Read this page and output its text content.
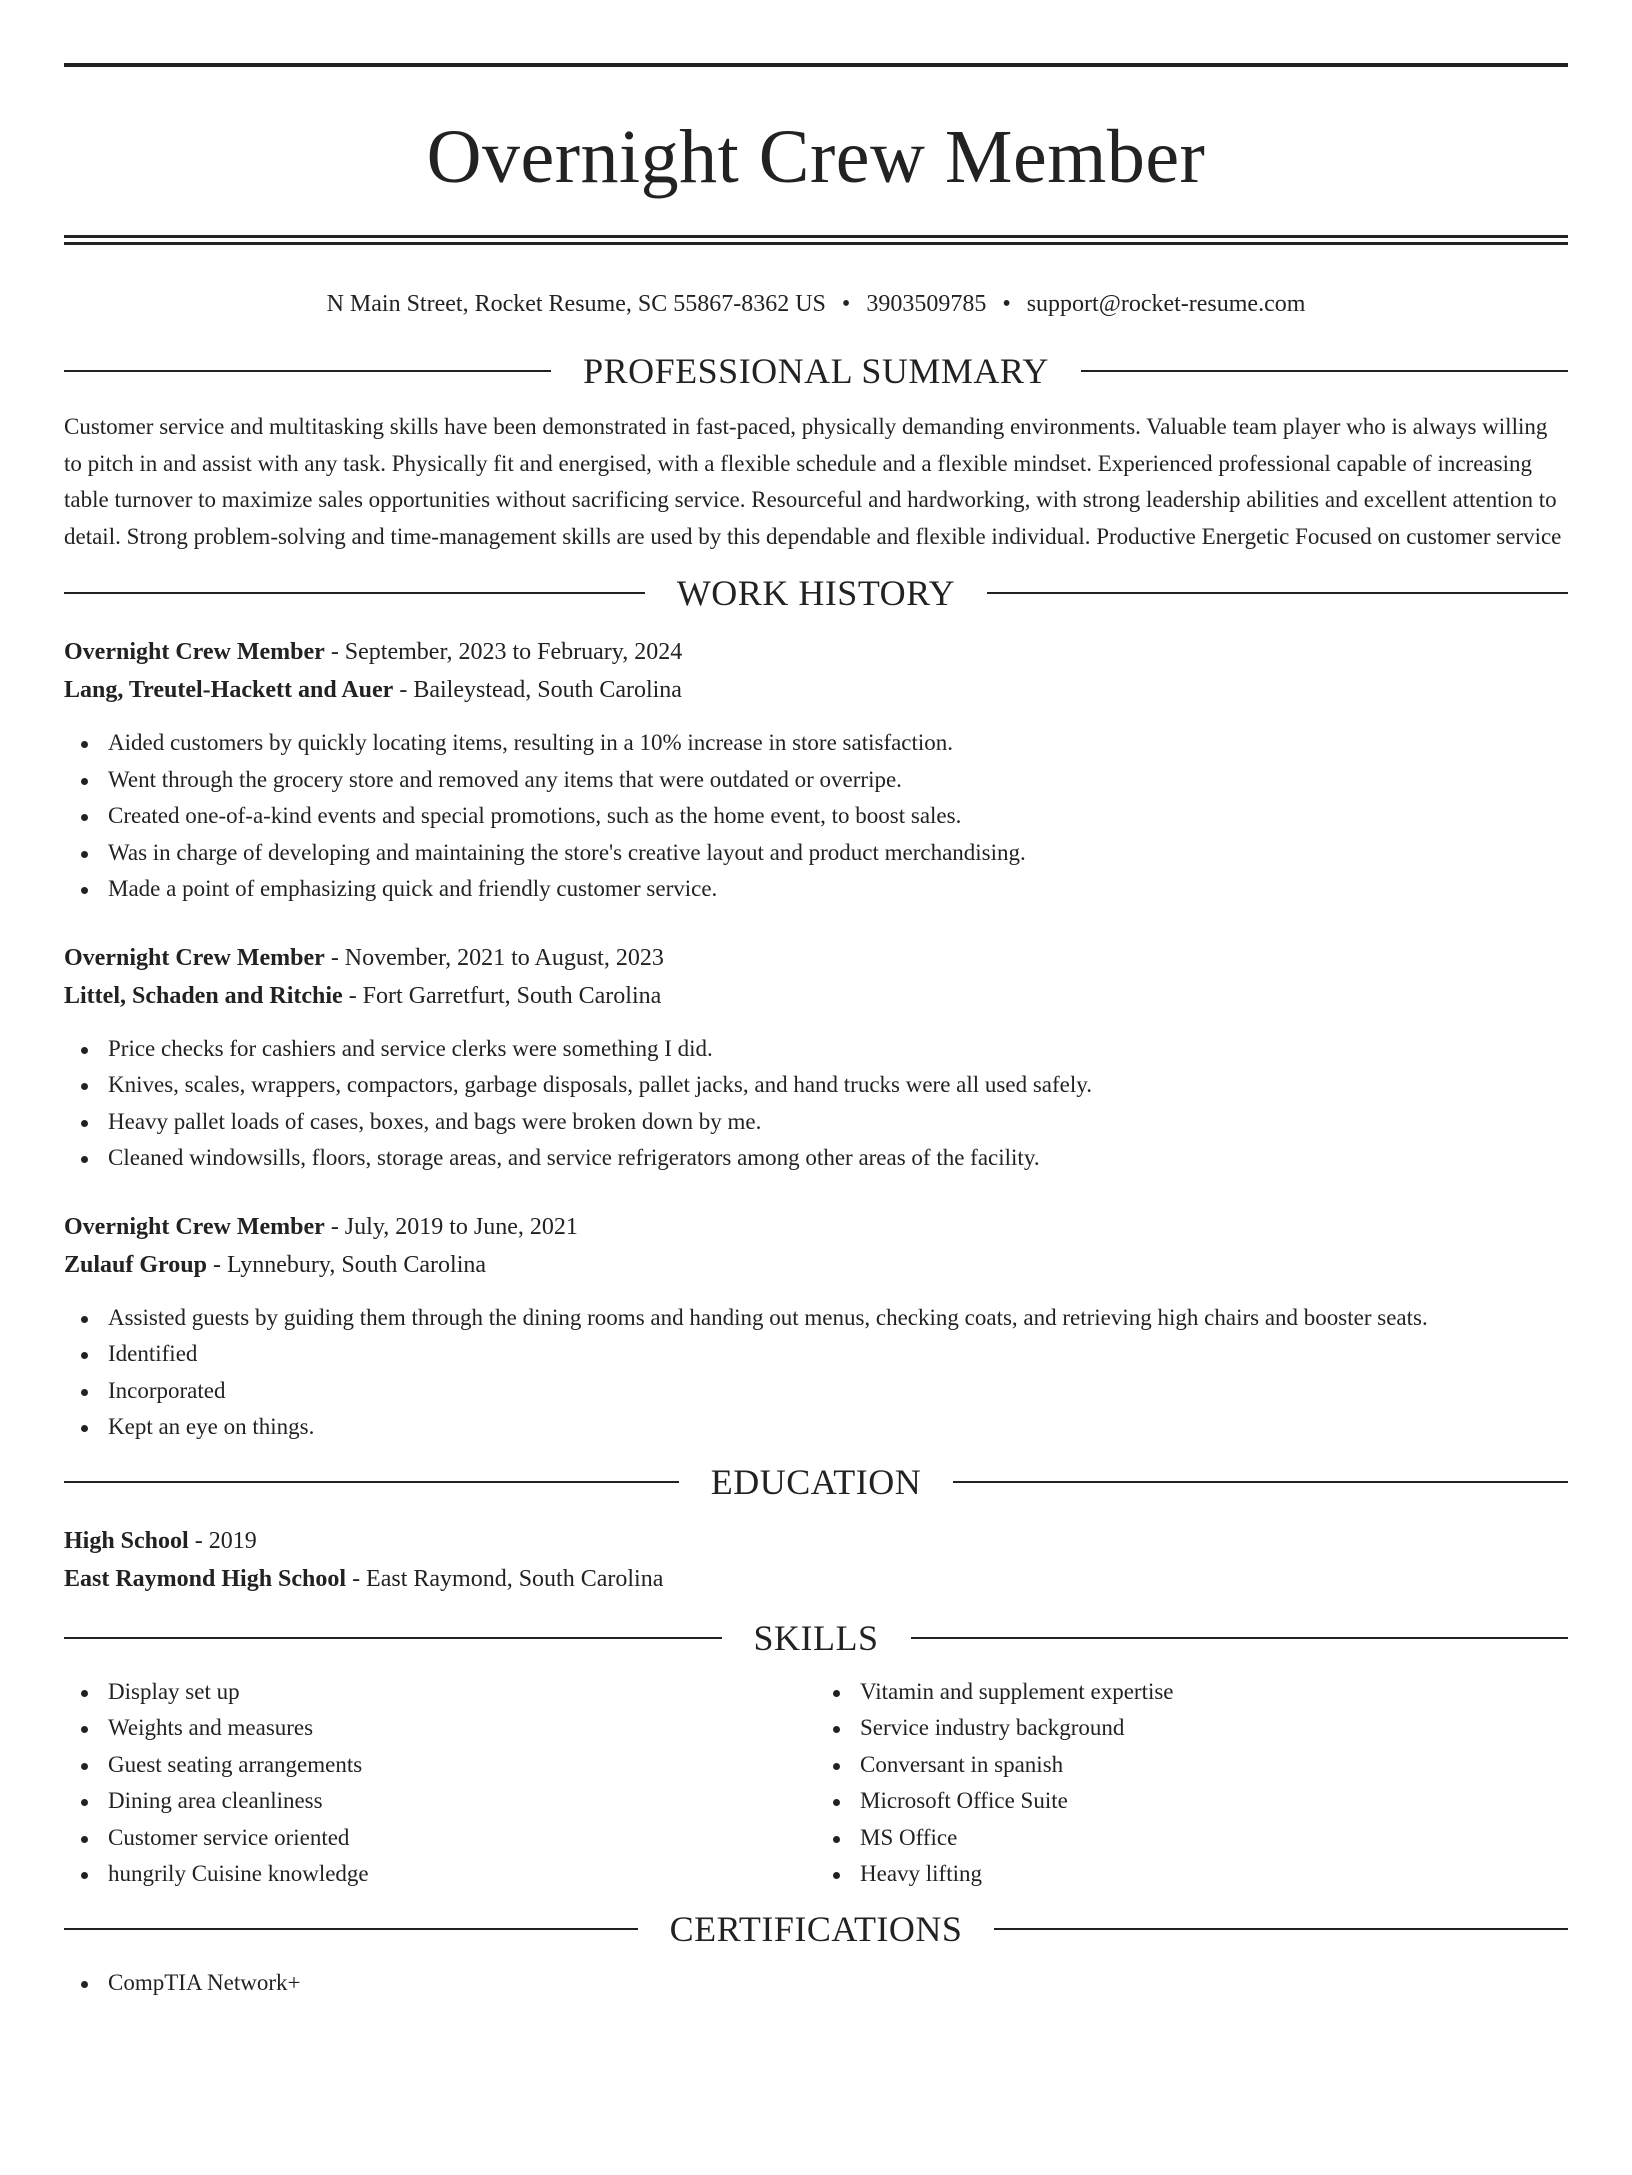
Overnight Crew Member
N Main Street, Rocket Resume, SC 55867-8362 US • 3903509785 • support@rocket-resume.com
PROFESSIONAL SUMMARY

Customer service and multitasking skills have been demonstrated in fast-paced, physically demanding environments. Valuable team player who is always willing to pitch in and assist with any task. Physically fit and energised, with a flexible schedule and a flexible mindset. Experienced professional capable of increasing table turnover to maximize sales opportunities without sacrificing service. Resourceful and hardworking, with strong leadership abilities and excellent attention to detail. Strong problem-solving and time-management skills are used by this dependable and flexible individual. Productive Energetic Focused on customer service

WORK HISTORY

Overnight Crew Member - September, 2023 to February, 2024

Lang, Treutel-Hackett and Auer - Baileystead, South Carolina

Aided customers by quickly locating items, resulting in a 10% increase in store satisfaction.
Went through the grocery store and removed any items that were outdated or overripe.
Created one-of-a-kind events and special promotions, such as the home event, to boost sales.
Was in charge of developing and maintaining the store's creative layout and product merchandising.
Made a point of emphasizing quick and friendly customer service.

Overnight Crew Member - November, 2021 to August, 2023

Littel, Schaden and Ritchie - Fort Garretfurt, South Carolina

Price checks for cashiers and service clerks were something I did.
Knives, scales, wrappers, compactors, garbage disposals, pallet jacks, and hand trucks were all used safely.
Heavy pallet loads of cases, boxes, and bags were broken down by me.
Cleaned windowsills, floors, storage areas, and service refrigerators among other areas of the facility.

Overnight Crew Member - July, 2019 to June, 2021

Zulauf Group - Lynnebury, South Carolina

Assisted guests by guiding them through the dining rooms and handing out menus, checking coats, and retrieving high chairs and booster seats.
Identified
Incorporated
Kept an eye on things.
EDUCATION

High School - 2019

East Raymond High School - East Raymond, South Carolina

SKILLS
Display set up
Weights and measures
Guest seating arrangements
Dining area cleanliness
Customer service oriented
hungrily Cuisine knowledge
Vitamin and supplement expertise
Service industry background
Conversant in spanish
Microsoft Office Suite
MS Office
Heavy lifting
CERTIFICATIONS
CompTIA Network+
